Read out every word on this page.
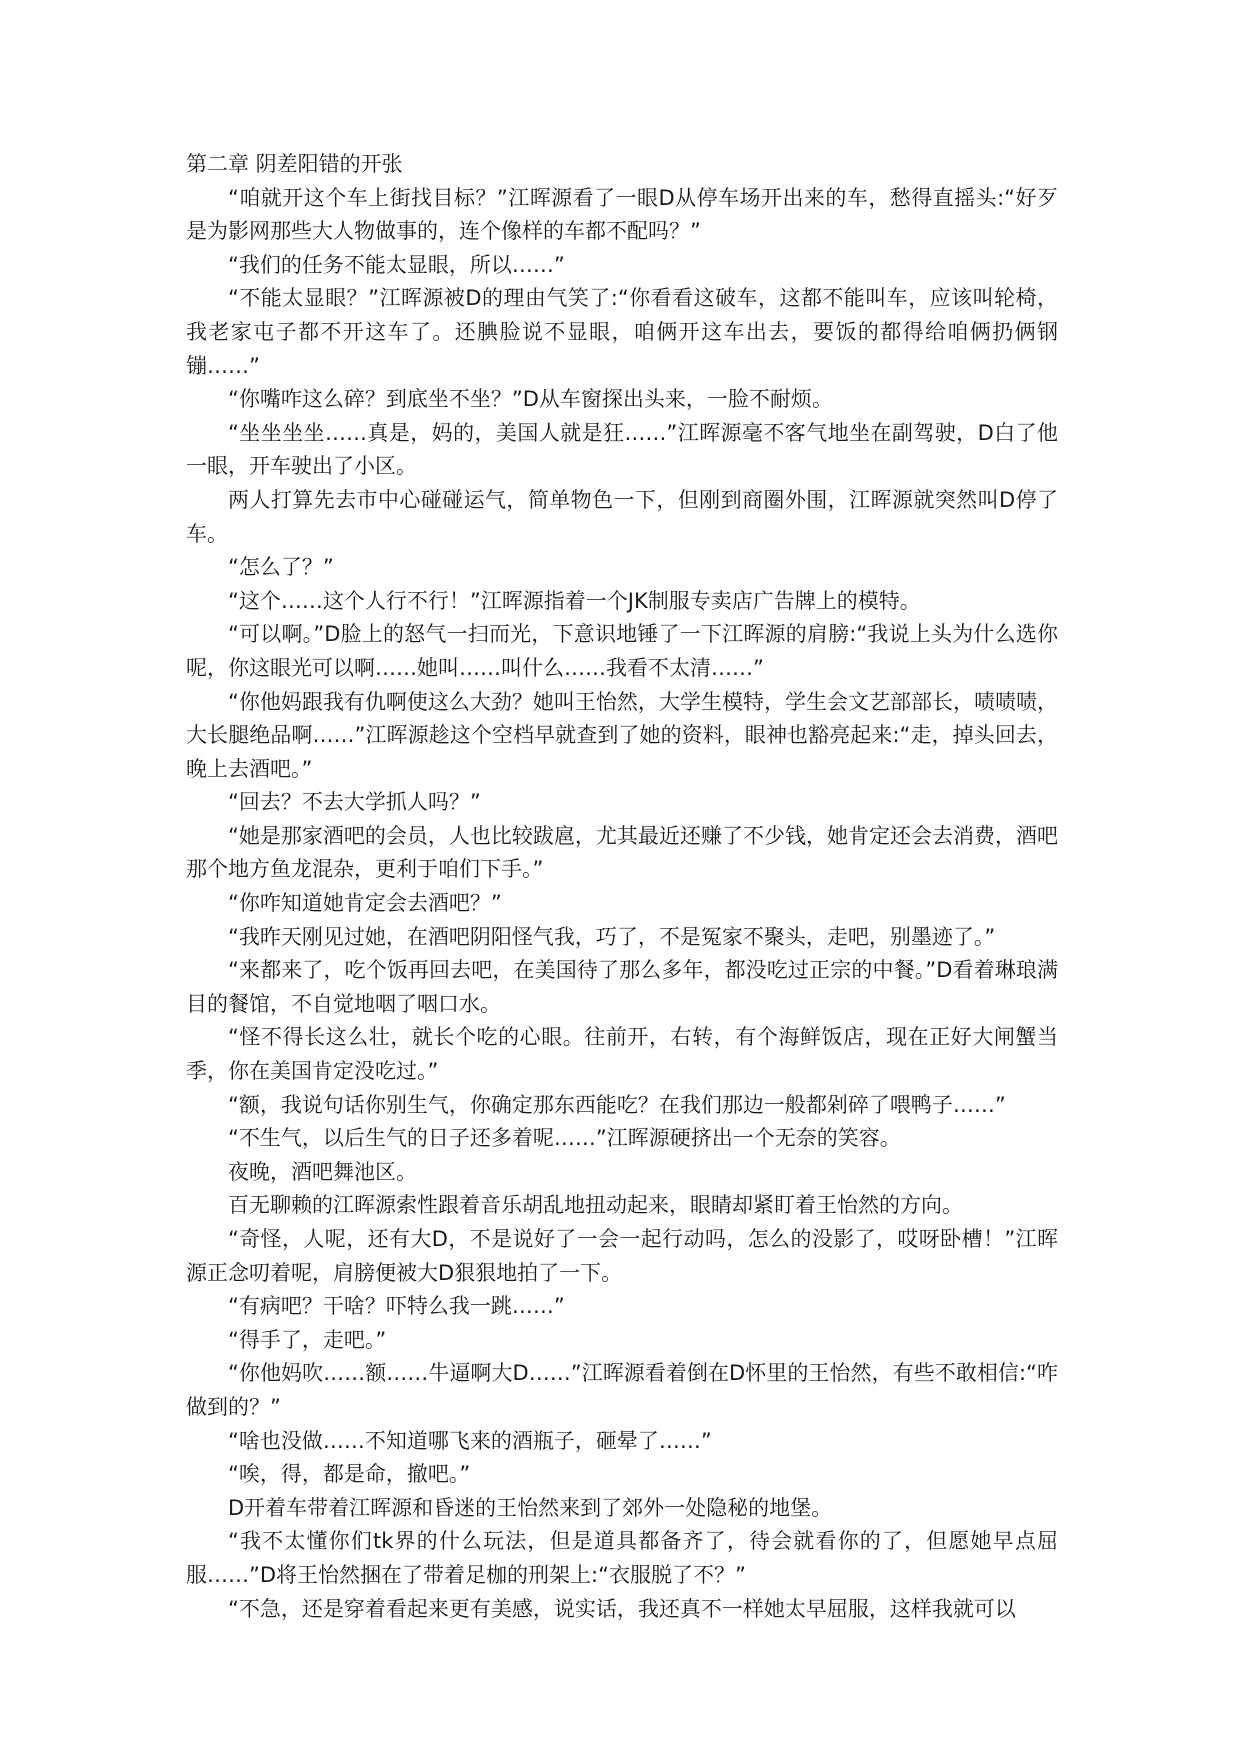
第二章 阴差阳错的开张
“咱就开这个车上街找目标？”江晖源看了一眼D从停车场开出来的车，愁得直摇头:“好歹是为影网那些大人物做事的，连个像样的车都不配吗？”
“我们的任务不能太显眼，所以……”
“不能太显眼？”江晖源被D的理由气笑了:“你看看这破车，这都不能叫车，应该叫轮椅，我老家屯子都不开这车了。还腆脸说不显眼，咱俩开这车出去，要饭的都得给咱俩扔俩钢镚……”
“你嘴咋这么碎？到底坐不坐？”D从车窗探出头来，一脸不耐烦。
“坐坐坐坐……真是，妈的，美国人就是狂……”江晖源毫不客气地坐在副驾驶，D白了他一眼，开车驶出了小区。
两人打算先去市中心碰碰运气，简单物色一下，但刚到商圈外围，江晖源就突然叫D停了车。
“怎么了？”
“这个……这个人行不行！”江晖源指着一个JK制服专卖店广告牌上的模特。
“可以啊。”D脸上的怒气一扫而光，下意识地锤了一下江晖源的肩膀:“我说上头为什么选你呢，你这眼光可以啊……她叫……叫什么……我看不太清……”
“你他妈跟我有仇啊使这么大劲？她叫王怡然，大学生模特，学生会文艺部部长，啧啧啧，大长腿绝品啊……”江晖源趁这个空档早就查到了她的资料，眼神也豁亮起来:“走，掉头回去，晚上去酒吧。”
“回去？不去大学抓人吗？”
“她是那家酒吧的会员，人也比较跋扈，尤其最近还赚了不少钱，她肯定还会去消费，酒吧那个地方鱼龙混杂，更利于咱们下手。”
“你咋知道她肯定会去酒吧？”
“我昨天刚见过她，在酒吧阴阳怪气我，巧了，不是冤家不聚头，走吧，别墨迹了。”
“来都来了，吃个饭再回去吧，在美国待了那么多年，都没吃过正宗的中餐。”D看着琳琅满目的餐馆，不自觉地咽了咽口水。
“怪不得长这么壮，就长个吃的心眼。往前开，右转，有个海鲜饭店，现在正好大闸蟹当季，你在美国肯定没吃过。”
“额，我说句话你别生气，你确定那东西能吃？在我们那边一般都剁碎了喂鸭子……”
“不生气，以后生气的日子还多着呢……”江晖源硬挤出一个无奈的笑容。
夜晚，酒吧舞池区。
百无聊赖的江晖源索性跟着音乐胡乱地扭动起来，眼睛却紧盯着王怡然的方向。
“奇怪，人呢，还有大D，不是说好了一会一起行动吗，怎么的没影了，哎呀卧槽！”江晖源正念叨着呢，肩膀便被大D狠狠地拍了一下。
“有病吧？干啥？吓特么我一跳……”
“得手了，走吧。”
“你他妈吹……额……牛逼啊大D……”江晖源看着倒在D怀里的王怡然，有些不敢相信:“咋做到的？”
“啥也没做……不知道哪飞来的酒瓶子，砸晕了……”
“唉，得，都是命，撤吧。”
D开着车带着江晖源和昏迷的王怡然来到了郊外一处隐秘的地堡。
“我不太懂你们tk界的什么玩法，但是道具都备齐了，待会就看你的了，但愿她早点屈服……”D将王怡然捆在了带着足枷的刑架上:“衣服脱了不？”
“不急，还是穿着看起来更有美感，说实话，我还真不一样她太早屈服，这样我就可以
